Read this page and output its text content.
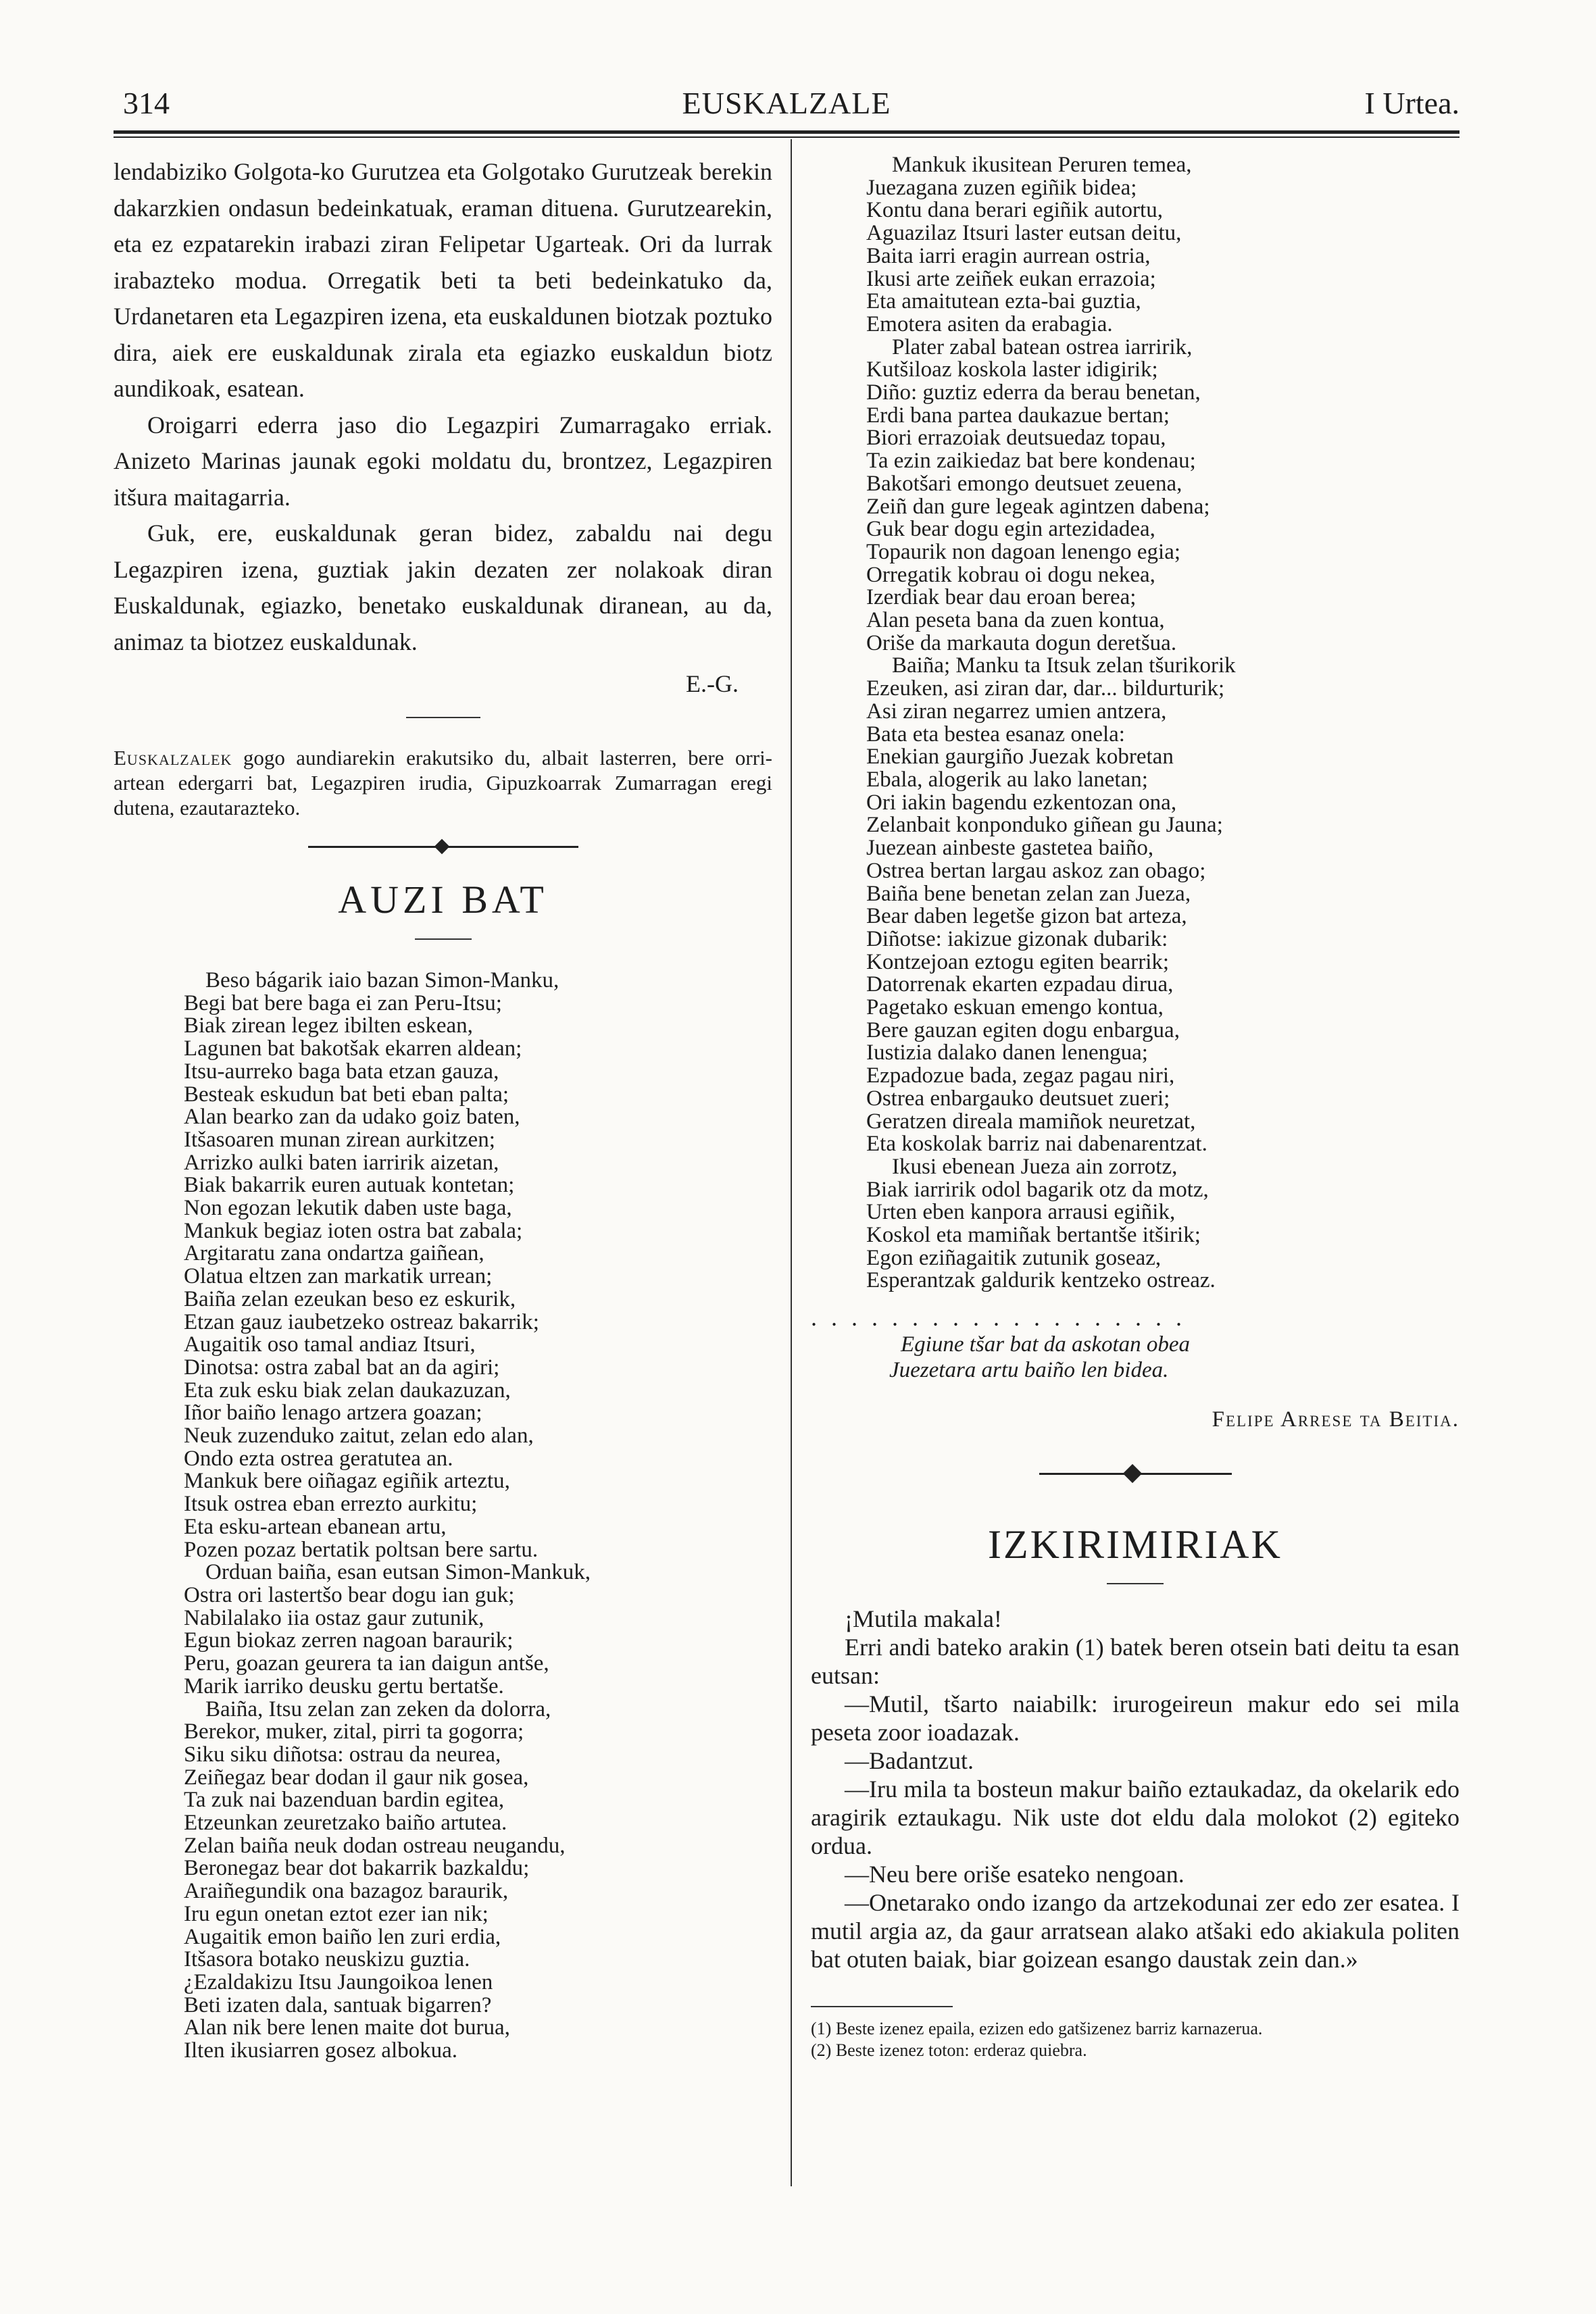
314	EUSKALZALE	I Urtea.

lendabiziko Golgota-ko Gurutzea eta Golgotako Gurutzeak berekin dakarzkien ondasun bedeinkatuak, eraman dituena. Gurutzearekin, eta ez ezpatarekin irabazi ziran Felipetar Ugarteak. Ori da lurrak irabazteko modua. Orregatik beti ta beti bedeinkatuko da, Urdanetaren eta Legazpiren izena, eta euskaldunen biotzak poztuko dira, aiek ere euskaldunak zirala eta egiazko euskaldun biotz aundikoak, esatean.

Oroigarri ederra jaso dio Legazpiri Zumarragako erriak. Anizeto Marinas jaunak egoki moldatu du, brontzez, Legazpiren itšura maitagarria.

Guk, ere, euskaldunak geran bidez, zabaldu nai degu Legazpiren izena, guztiak jakin dezaten zer nolakoak diran Euskaldunak, egiazko, benetako euskaldunak diranean, au da, animaz ta biotzez euskaldunak.

E.-G.
Euskalzalek gogo aundiarekin erakutsiko du, albait lasterren, bere orri-artean edergarri bat, Legazpiren irudia, Gipuzkoarrak Zumarragan eregi dutena, ezautarazteko.
AUZI BAT
Beso bágarik iaio bazan Simon-Manku,
Begi bat bere baga ei zan Peru-Itsu;
Biak zirean legez ibilten eskean,
Lagunen bat bakotšak ekarren aldean;
Itsu-aurreko baga bata etzan gauza,
Besteak eskudun bat beti eban palta;
Alan bearko zan da udako goiz baten,
Itšasoaren munan zirean aurkitzen;
Arrizko aulki baten iarririk aizetan,
Biak bakarrik euren autuak kontetan;
Non egozan lekutik daben uste baga,
Mankuk begiaz ioten ostra bat zabala;
Argitaratu zana ondartza gaiñean,
Olatua eltzen zan markatik urrean;
Baiña zelan ezeukan beso ez eskurik,
Etzan gauz iaubetzeko ostreaz bakarrik;
Augaitik oso tamal andiaz Itsuri,
Dinotsa: ostra zabal bat an da agiri;
Eta zuk esku biak zelan daukazuzan,
Iñor baiño lenago artzera goazan;
Neuk zuzenduko zaitut, zelan edo alan,
Ondo ezta ostrea geratutea an.
Mankuk bere oiñagaz egiñik arteztu,
Itsuk ostrea eban errezto aurkitu;
Eta esku-artean ebanean artu,
Pozen pozaz bertatik poltsan bere sartu.
Orduan baiña, esan eutsan Simon-Mankuk,
Ostra ori lastertšo bear dogu ian guk;
Nabilalako iia ostaz gaur zutunik,
Egun biokaz zerren nagoan baraurik;
Peru, goazan geurera ta ian daigun antše,
Marik iarriko deusku gertu bertatše.
Baiña, Itsu zelan zan zeken da dolorra,
Berekor, muker, zital, pirri ta gogorra;
Siku siku diñotsa: ostrau da neurea,
Zeiñegaz bear dodan il gaur nik gosea,
Ta zuk nai bazenduan bardin egitea,
Etzeunkan zeuretzako baiño artutea.
Zelan baiña neuk dodan ostreau neugandu,
Beronegaz bear dot bakarrik bazkaldu;
Araiñegundik ona bazagoz baraurik,
Iru egun onetan eztot ezer ian nik;
Augaitik emon baiño len zuri erdia,
Itšasora botako neuskizu guztia.
¿Ezaldakizu Itsu Jaungoikoa lenen
Beti izaten dala, santuak bigarren?
Alan nik bere lenen maite dot burua,
Ilten ikusiarren gosez albokua.
Mankuk ikusitean Peruren temea,
Juezagana zuzen egiñik bidea;
Kontu dana berari egiñik autortu,
Aguazilaz Itsuri laster eutsan deitu,
Baita iarri eragin aurrean ostria,
Ikusi arte zeiñek eukan errazoia;
Eta amaitutean ezta-bai guztia,
Emotera asiten da erabagia.
Plater zabal batean ostrea iarririk,
Kutšiloaz koskola laster idigirik;
Diño: guztiz ederra da berau benetan,
Erdi bana partea daukazue bertan;
Biori errazoiak deutsuedaz topau,
Ta ezin zaikiedaz bat bere kondenau;
Bakotšari emongo deutsuet zeuena,
Zeiñ dan gure legeak agintzen dabena;
Guk bear dogu egin artezidadea,
Topaurik non dagoan lenengo egia;
Orregatik kobrau oi dogu nekea,
Izerdiak bear dau eroan berea;
Alan peseta bana da zuen kontua,
Oriše da markauta dogun deretšua.
Baiña; Manku ta Itsuk zelan tšurikorik
Ezeuken, asi ziran dar, dar... bildurturik;
Asi ziran negarrez umien antzera,
Bata eta bestea esanaz onela:
Enekian gaurgiño Juezak kobretan
Ebala, alogerik au lako lanetan;
Ori iakin bagendu ezkentozan ona,
Zelanbait konponduko giñean gu Jauna;
Juezean ainbeste gastetea baiño,
Ostrea bertan largau askoz zan obago;
Baiña bene benetan zelan zan Jueza,
Bear daben legetše gizon bat arteza,
Diñotse: iakizue gizonak dubarik:
Kontzejoan eztogu egiten bearrik;
Datorrenak ekarten ezpadau dirua,
Pagetako eskuan emengo kontua,
Bere gauzan egiten dogu enbargua,
Iustizia dalako danen lenengua;
Ezpadozue bada, zegaz pagau niri,
Ostrea enbargauko deutsuet zueri;
Geratzen direala mamiñok neuretzat,
Eta koskolak barriz nai dabenarentzat.
Ikusi ebenean Jueza ain zorrotz,
Biak iarririk odol bagarik otz da motz,
Urten eben kanpora arrausi egiñik,
Koskol eta mamiñak bertantše itširik;
Egon eziñagaitik zutunik goseaz,
Esperantzak galdurik kentzeko ostreaz.
...................
Egiune tšar bat da askotan obea
Juezetara artu baiño len bidea.
Felipe Arrese ta Beitia.
IZKIRIMIRIAK

¡Mutila makala!

Erri andi bateko arakin (1) batek beren otsein bati deitu ta esan eutsan:

—Mutil, tšarto naiabilk: irurogeireun makur edo sei mila peseta zoor ioadazak.

—Badantzut.

—Iru mila ta bosteun makur baiño eztaukadaz, da okelarik edo aragirik eztaukagu. Nik uste dot eldu dala molokot (2) egiteko ordua.

—Neu bere oriše esateko nengoan.

—Onetarako ondo izango da artzekodunai zer edo zer esatea. I mutil argia az, da gaur arratsean alako atšaki edo akiakula politen bat otuten baiak, biar goizean esango daustak zein dan.»

(1) Beste izenez epaila, ezizen edo gatšizenez barriz karnazerua.
(2) Beste izenez toton: erderaz quiebra.
